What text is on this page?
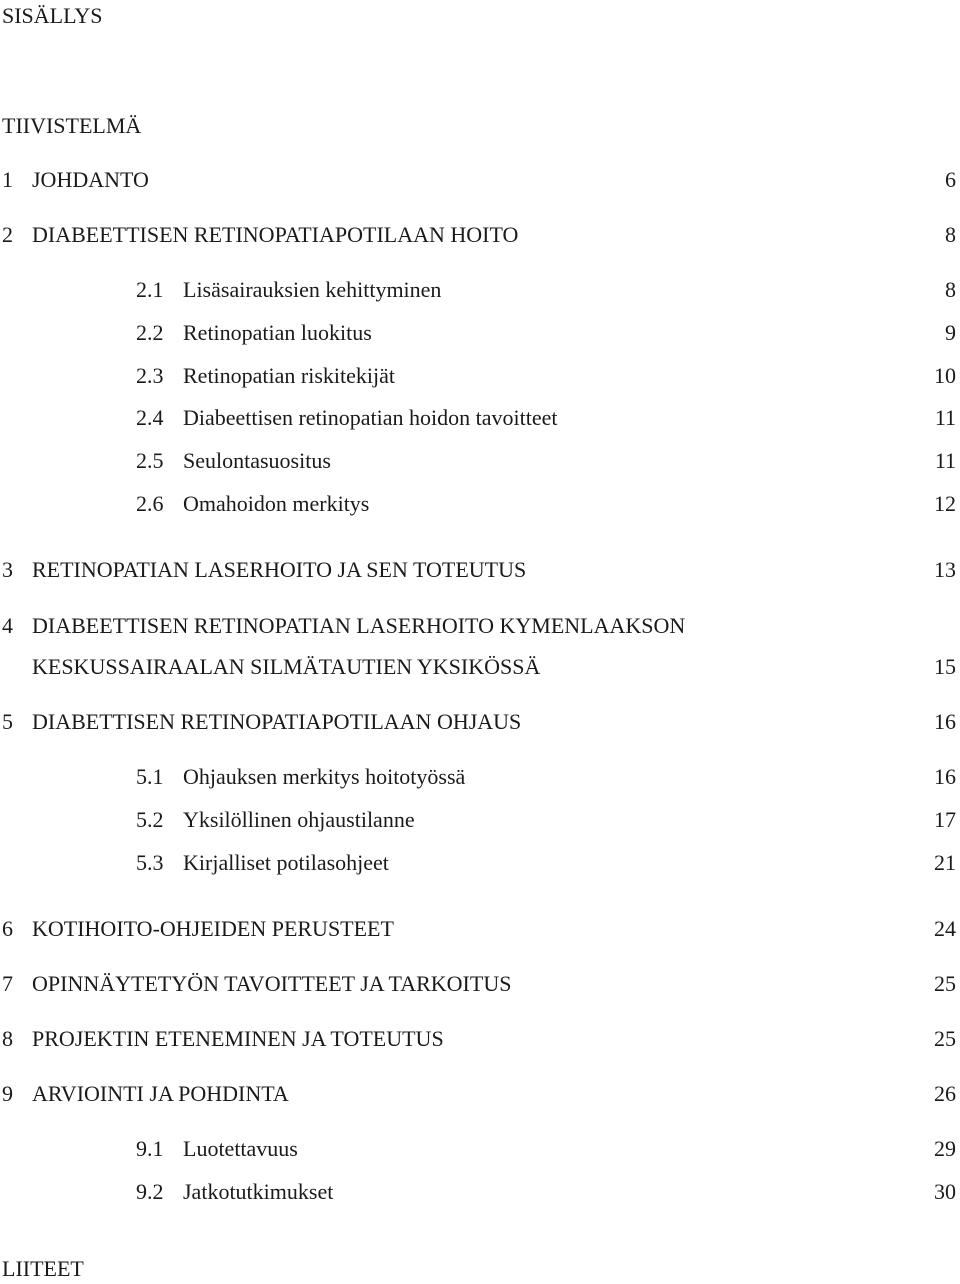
SISÄLLYS
TIIVISTELMÄ
1 JOHDANTO	6
2 DIABEETTISEN RETINOPATIAPOTILAAN HOITO	8
2.1 Lisäsairauksien kehittyminen	8
2.2 Retinopatian luokitus	9
2.3 Retinopatian riskitekijät	10
2.4 Diabeettisen retinopatian hoidon tavoitteet	11
2.5 Seulontasuositus	11
2.6 Omahoidon merkitys	12
3 RETINOPATIAN LASERHOITO JA SEN TOTEUTUS	13
4 DIABEETTISEN RETINOPATIAN LASERHOITO KYMENLAAKSON
KESKUSSAIRAALAN SILMÄTAUTIEN YKSIKÖSSÄ	15
5 DIABETTISEN RETINOPATIAPOTILAAN OHJAUS	16
5.1 Ohjauksen merkitys hoitotyössä	16
5.2 Yksilöllinen ohjaustilanne	17
5.3 Kirjalliset potilasohjeet	21
6 KOTIHOITO-OHJEIDEN PERUSTEET	24
7 OPINNÄYTETYÖN TAVOITTEET JA TARKOITUS	25
8 PROJEKTIN ETENEMINEN JA TOTEUTUS	25
9 ARVIOINTI JA POHDINTA	26
9.1 Luotettavuus	29
9.2 Jatkotutkimukset	30
LIITEET
